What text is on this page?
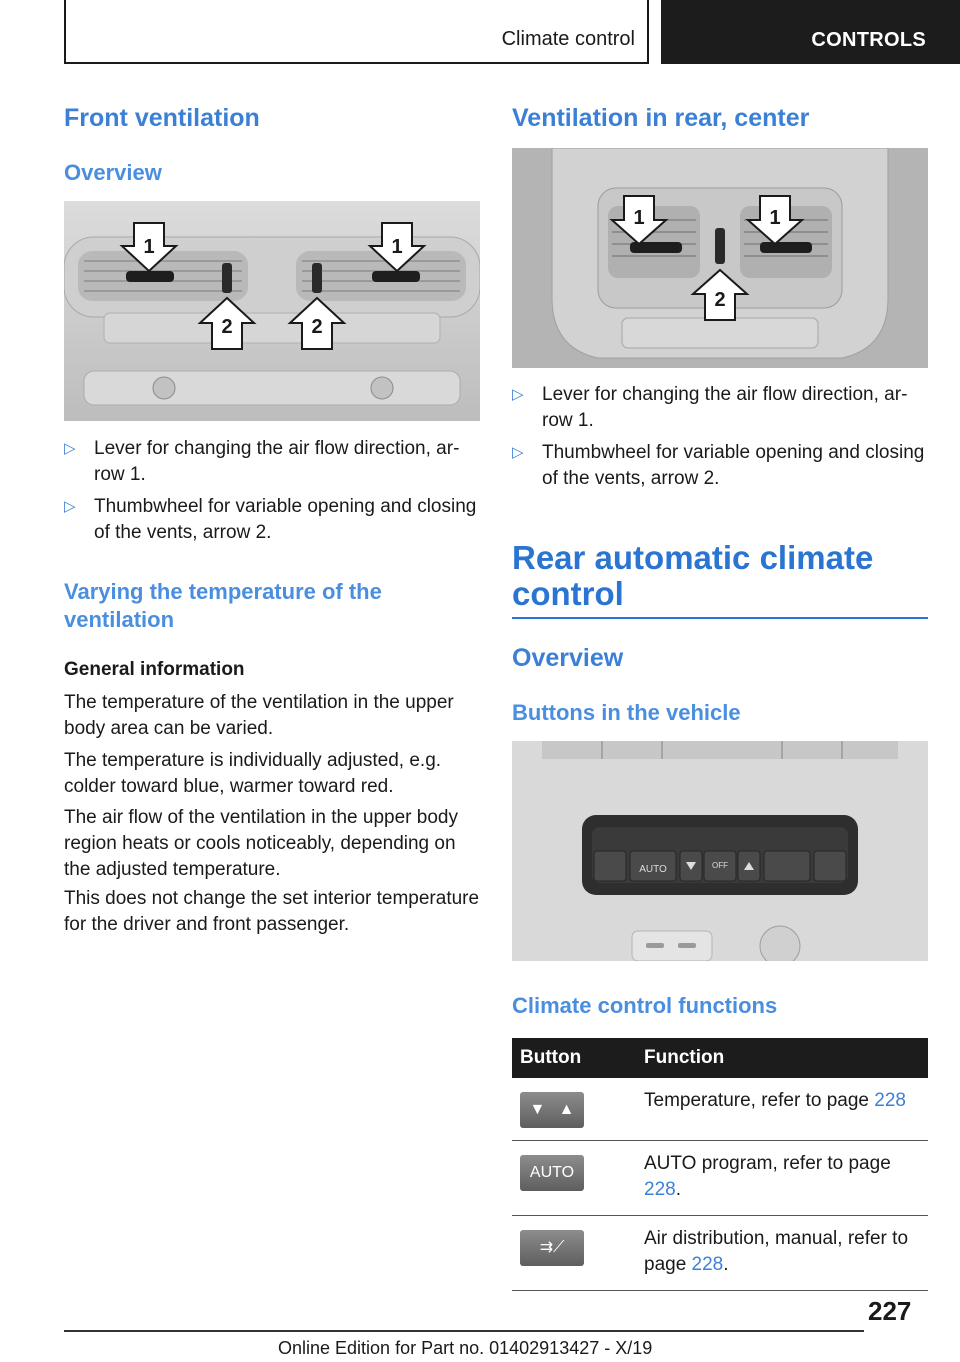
Climate control	CONTROLS
Front ventilation
Overview
1	1
2	2
▷ Lever for changing the air flow direction, arrow 1.
▷ Thumbwheel for variable opening and closing of the vents, arrow 2.
Varying the temperature of the ventilation
General information
The temperature of the ventilation in the upper body area can be varied.
The temperature is individually adjusted, e.g. colder toward blue, warmer toward red.
The air flow of the ventilation in the upper body region heats or cools noticeably, depending on the adjusted temperature.
This does not change the set interior temperature for the driver and front passenger.
Ventilation in rear, center
1	1
2
▷ Lever for changing the air flow direction, arrow 1.
▷ Thumbwheel for variable opening and closing of the vents, arrow 2.
Rear automatic climate control
Overview
Buttons in the vehicle
AUTO	OFF
Climate control functions
Button	Function

▼   ▲	Temperature, refer to page 228

AUTO	AUTO program, refer to page 228.

⇉⟋	Air distribution, manual, refer to page 228.
227
Online Edition for Part no. 01402913427 - X/19
